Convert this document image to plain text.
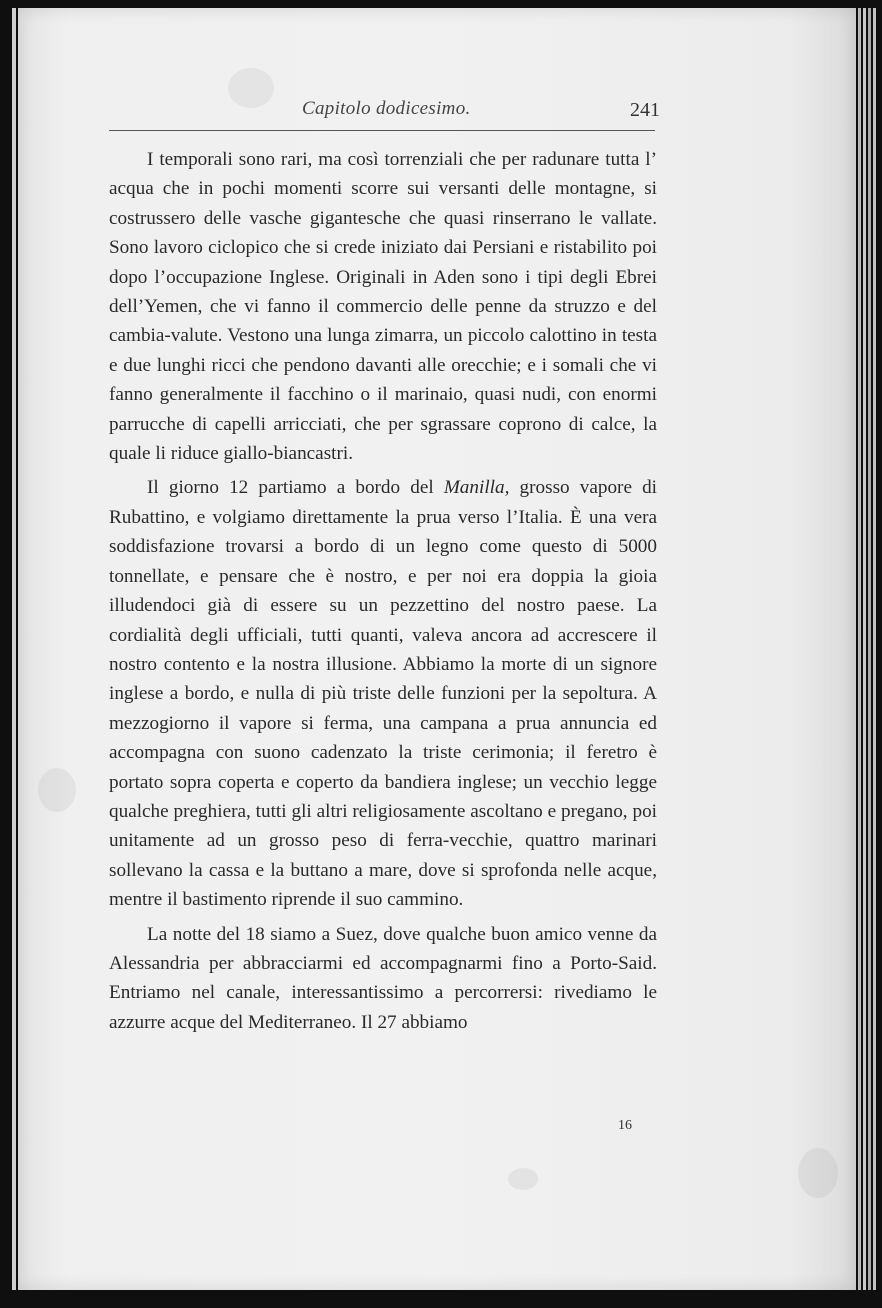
Capitolo dodicesimo.	241

I temporali sono rari, ma così torrenziali che per radunare tutta l’ acqua che in pochi momenti scorre sui versanti delle montagne, si costrussero delle vasche gigantesche che quasi rinserrano le vallate. Sono lavoro ciclopico che si crede iniziato dai Persiani e ristabilito poi dopo l’occupazione Inglese. Originali in Aden sono i tipi degli Ebrei dell’Yemen, che vi fanno il commercio delle penne da struzzo e del cambia-valute. Vestono una lunga zimarra, un piccolo calottino in testa e due lunghi ricci che pendono davanti alle orecchie; e i somali che vi fanno generalmente il facchino o il marinaio, quasi nudi, con enormi parrucche di capelli arricciati, che per sgrassare coprono di calce, la quale li riduce giallo-biancastri.

Il giorno 12 partiamo a bordo del Manilla, grosso vapore di Rubattino, e volgiamo direttamente la prua verso l’Italia. È una vera soddisfazione trovarsi a bordo di un legno come questo di 5000 tonnellate, e pensare che è nostro, e per noi era doppia la gioia illudendoci già di essere su un pezzettino del nostro paese. La cordialità degli ufficiali, tutti quanti, valeva ancora ad accrescere il nostro contento e la nostra illusione. Abbiamo la morte di un signore inglese a bordo, e nulla di più triste delle funzioni per la sepoltura. A mezzogiorno il vapore si ferma, una campana a prua annuncia ed accompagna con suono cadenzato la triste cerimonia; il feretro è portato sopra coperta e coperto da bandiera inglese; un vecchio legge qualche preghiera, tutti gli altri religiosamente ascoltano e pregano, poi unitamente ad un grosso peso di ferra-vecchie, quattro marinari sollevano la cassa e la buttano a mare, dove si sprofonda nelle acque, mentre il bastimento riprende il suo cammino.

La notte del 18 siamo a Suez, dove qualche buon amico venne da Alessandria per abbracciarmi ed accompagnarmi fino a Porto-Said. Entriamo nel canale, interessantissimo a percorrersi: rivediamo le azzurre acque del Mediterraneo. Il 27 abbiamo

16
